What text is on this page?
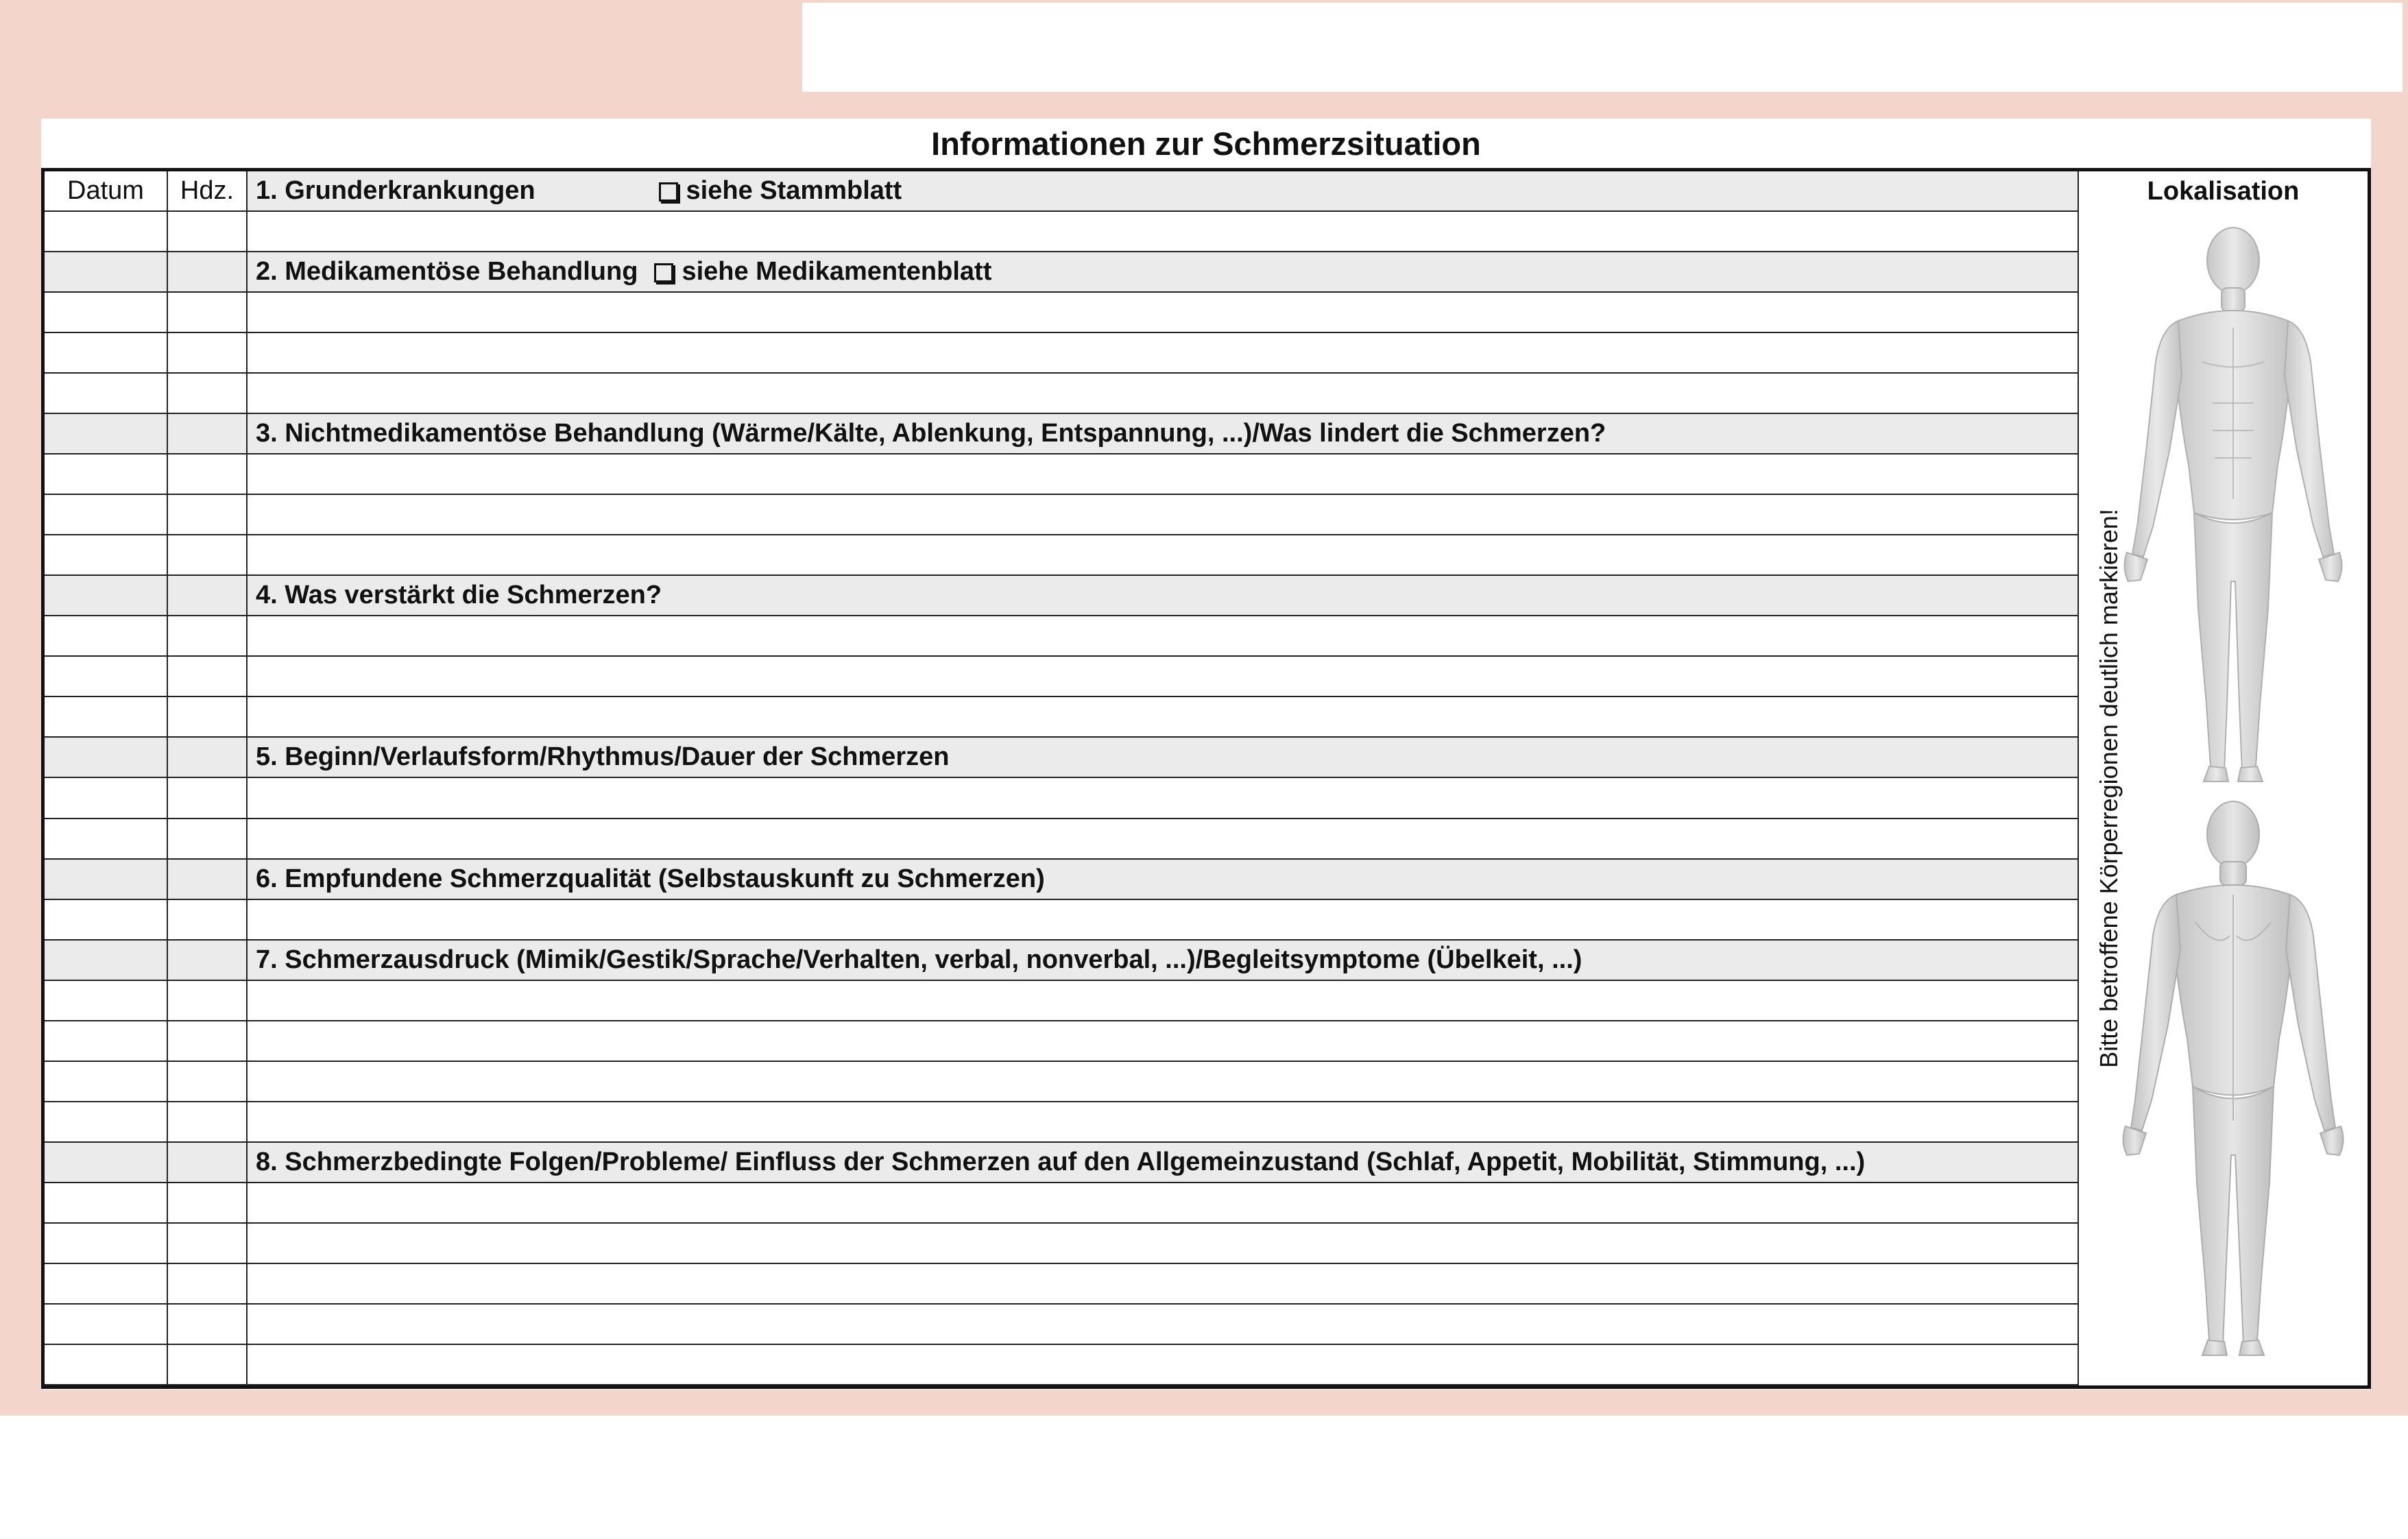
Informationen zur Schmerzsituation
Datum	Hdz. 1. Grunderkrankungen	siehe Stammblatt
2. Medikamentöse Behandlung siehe Medikamentenblatt
3. Nichtmedikamentöse Behandlung (Wärme/Kälte, Ablenkung, Entspannung, ...)/Was lindert die Schmerzen?
4. Was verstärkt die Schmerzen?
5. Beginn/Verlaufsform/Rhythmus/Dauer der Schmerzen
6. Empfundene Schmerzqualität (Selbstauskunft zu Schmerzen)
7. Schmerzausdruck (Mimik/Gestik/Sprache/Verhalten, verbal, nonverbal, ...)/Begleitsymptome (Übelkeit, ...)
8. Schmerzbedingte Folgen/Probleme/ Einfluss der Schmerzen auf den Allgemeinzustand (Schlaf, Appetit, Mobilität, Stimmung, ...)
Lokalisation
Bitte betroffene Körperregionen deutlich markieren!
